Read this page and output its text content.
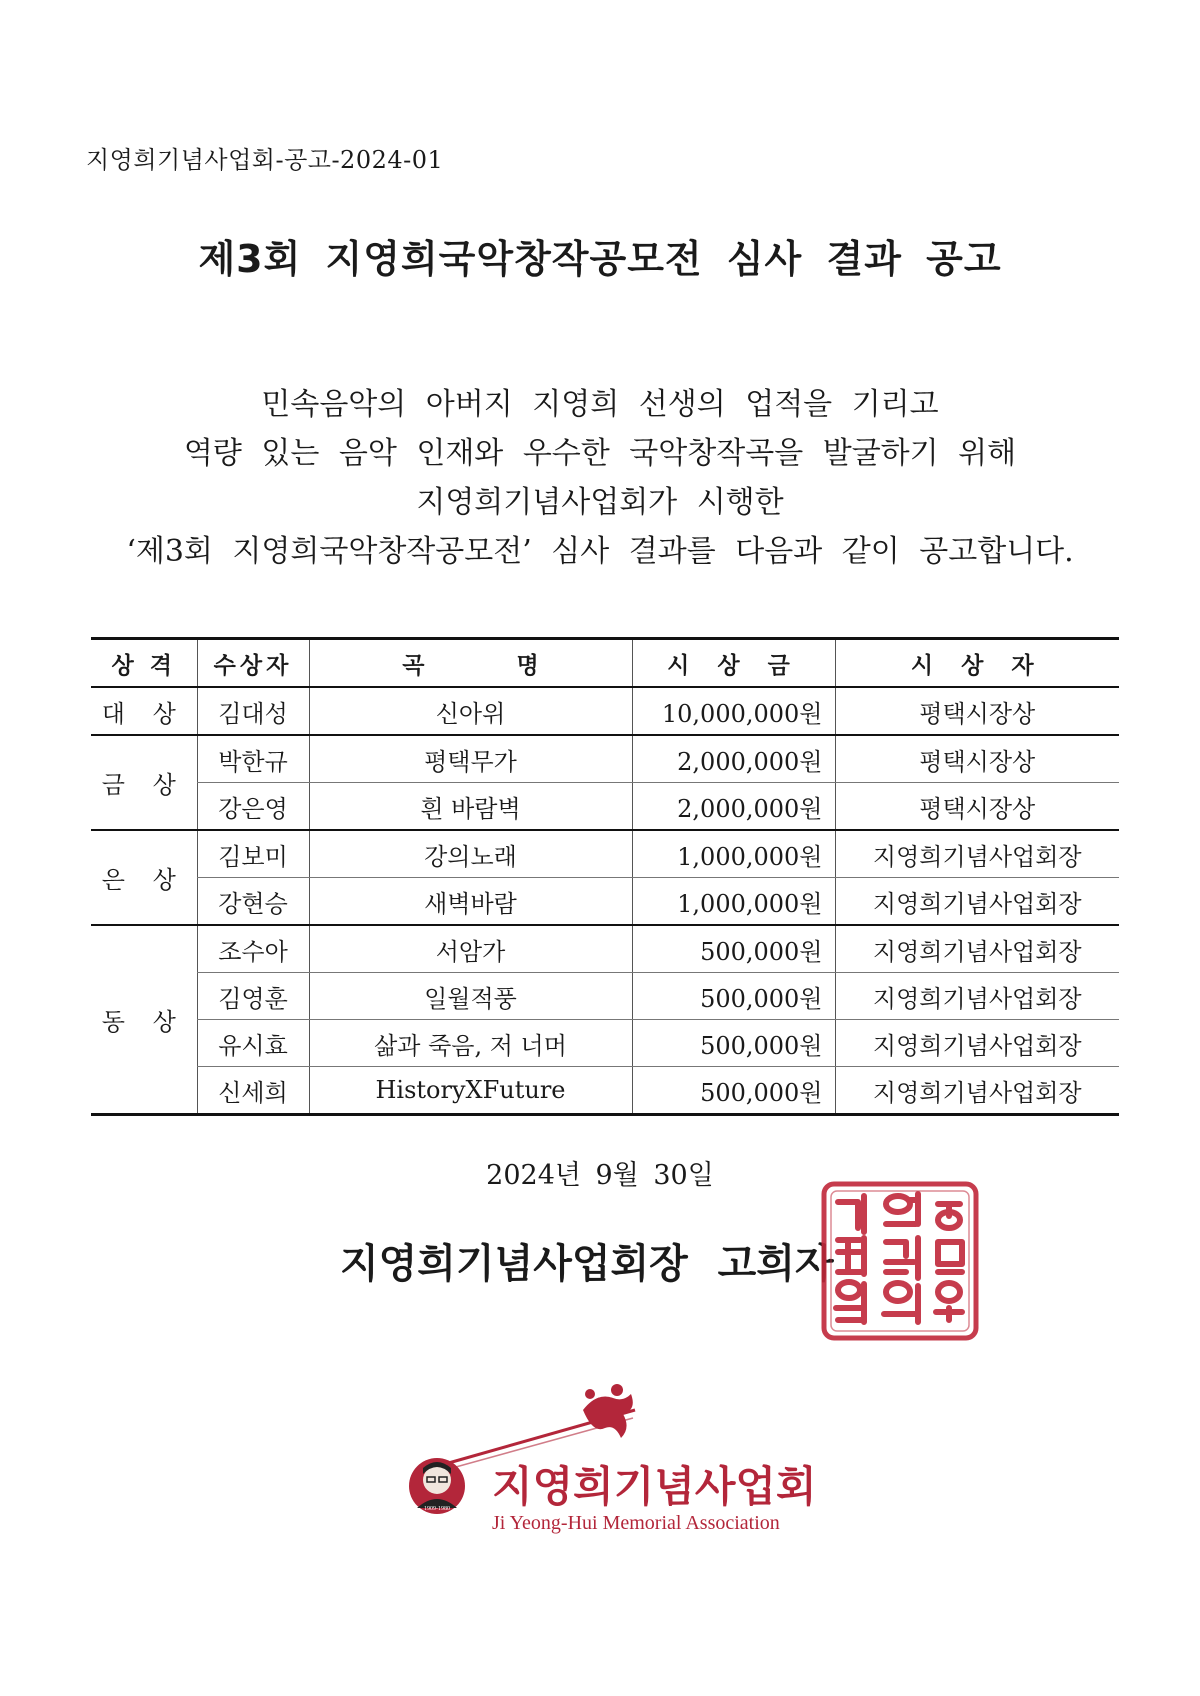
지영희기념사업회-공고-2024-01
제3회 지영희국악창작공모전 심사 결과 공고
민속음악의 아버지 지영희 선생의 업적을 기리고
역량 있는 음악 인재와 우수한 국악창작곡을 발굴하기 위해
지영희기념사업회가 시행한
‘제3회 지영희국악창작공모전’ 심사 결과를 다음과 같이 공고합니다.
상 격	수상자	곡 명	시 상 금	시 상 자
대 상	김대성	신아위	10,000,000원	평택시장상
금 상	박한규	평택무가	2,000,000원	평택시장상
	강은영	흰 바람벽	2,000,000원	평택시장상
은 상	김보미	강의노래	1,000,000원	지영희기념사업회장
	강현승	새벽바람	1,000,000원	지영희기념사업회장
동 상	조수아	서암가	500,000원	지영희기념사업회장
	김영훈	일월적풍	500,000원	지영희기념사업회장
	유시효	삶과 죽음, 저 너머	500,000원	지영희기념사업회장
	신세희	HistoryXFuture	500,000원	지영희기념사업회장
2024년 9월 30일
지영희기념사업회장 고희자
1909-1980 지영희기념사업회
Ji Yeong-Hui Memorial Association
